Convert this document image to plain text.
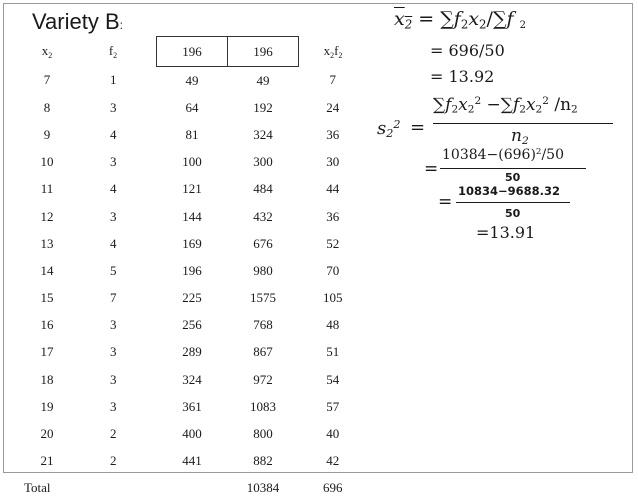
Variety B:
$x_2$	$f_2$	196	196	$x_2f_2$
7	1	49	49	7
8	3	64	192	24
9	4	81	324	36
10	3	100	300	30
11	4	121	484	44
12	3	144	432	36
13	4	169	676	52
14	5	196	980	70
15	7	225	1575	105
16	3	256	768	48
17	3	289	867	51
18	3	324	972	54
19	3	361	1083	57
20	2	400	800	40
21	2	441	882	42
Total			10384	696
$x_2 = \sum f_2x_2/\sum f$ $_2$
= 696/50
= 13.92
$s_2^2$ =
$\sum f_2x_2^2 -\sum f_2x_2^2$ $/n_2$
$n_2$
=
$10384-(696)^2/50$
50
=
10834−9688.32
50
=13.91
